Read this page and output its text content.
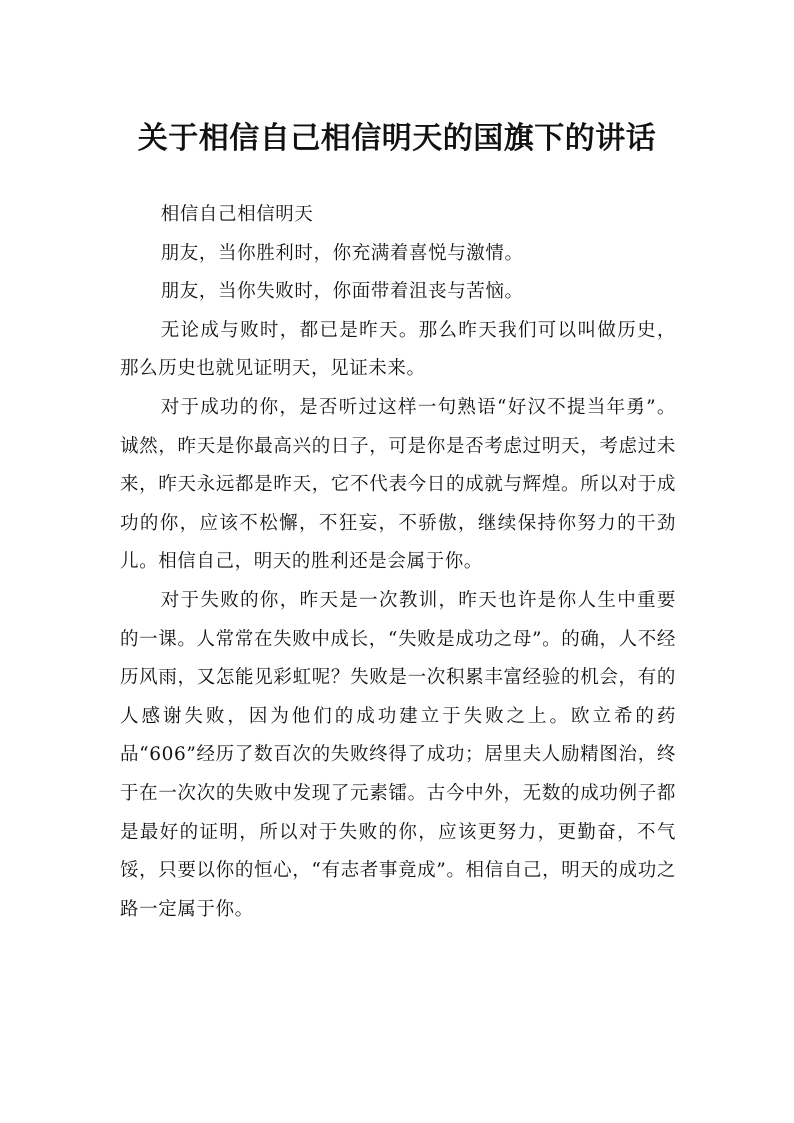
关于相信自己相信明天的国旗下的讲话

相信自己相信明天

朋友，当你胜利时，你充满着喜悦与激情。

朋友，当你失败时，你面带着沮丧与苦恼。

无论成与败时，都已是昨天。那么昨天我们可以叫做历史，那么历史也就见证明天，见证未来。

对于成功的你，是否听过这样一句熟语“好汉不提当年勇”。诚然，昨天是你最高兴的日子，可是你是否考虑过明天，考虑过未来，昨天永远都是昨天，它不代表今日的成就与辉煌。所以对于成功的你，应该不松懈，不狂妄，不骄傲，继续保持你努力的干劲儿。相信自己，明天的胜利还是会属于你。

对于失败的你，昨天是一次教训，昨天也许是你人生中重要的一课。人常常在失败中成长，“失败是成功之母”。的确，人不经历风雨，又怎能见彩虹呢？失败是一次积累丰富经验的机会，有的人感谢失败，因为他们的成功建立于失败之上。欧立希的药品“606”经历了数百次的失败终得了成功；居里夫人励精图治，终于在一次次的失败中发现了元素镭。古今中外，无数的成功例子都是最好的证明，所以对于失败的你，应该更努力，更勤奋，不气馁，只要以你的恒心，“有志者事竟成”。相信自己，明天的成功之路一定属于你。
